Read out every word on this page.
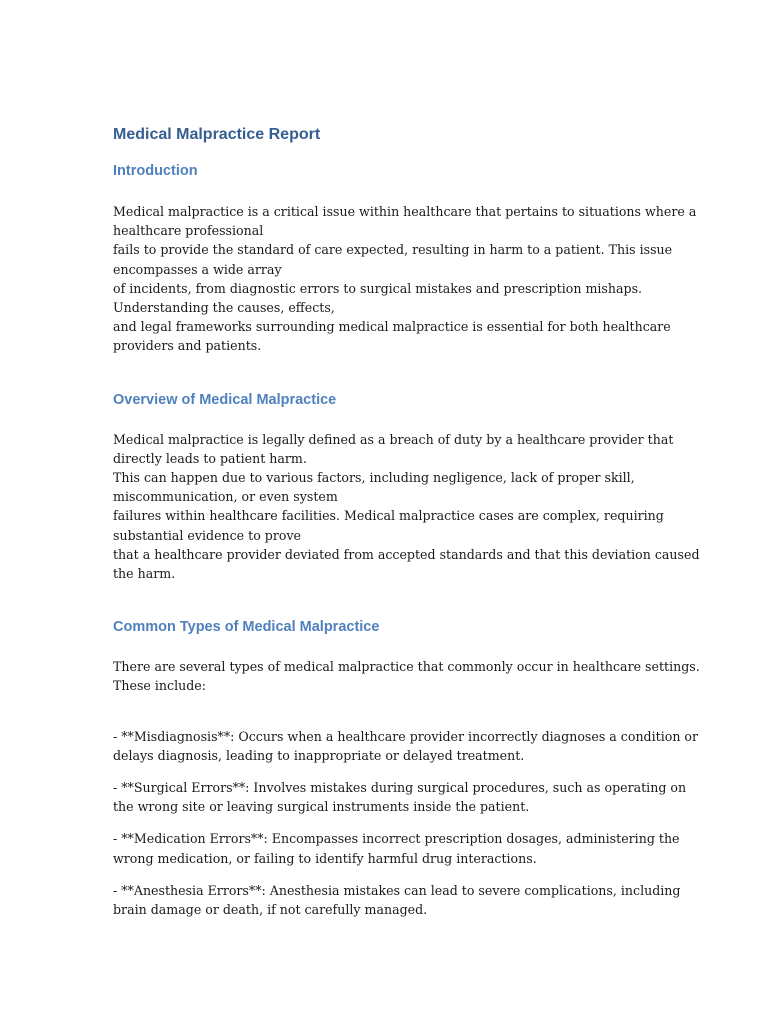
Medical Malpractice Report
Introduction

Medical malpractice is a critical issue within healthcare that pertains to situations where a
healthcare professional
fails to provide the standard of care expected, resulting in harm to a patient. This issue
encompasses a wide array
of incidents, from diagnostic errors to surgical mistakes and prescription mishaps.
Understanding the causes, effects,
and legal frameworks surrounding medical malpractice is essential for both healthcare
providers and patients.

Overview of Medical Malpractice

Medical malpractice is legally defined as a breach of duty by a healthcare provider that
directly leads to patient harm.
This can happen due to various factors, including negligence, lack of proper skill,
miscommunication, or even system
failures within healthcare facilities. Medical malpractice cases are complex, requiring
substantial evidence to prove
that a healthcare provider deviated from accepted standards and that this deviation caused
the harm.

Common Types of Medical Malpractice

There are several types of medical malpractice that commonly occur in healthcare settings.
These include:

- **Misdiagnosis**: Occurs when a healthcare provider incorrectly diagnoses a condition or
delays diagnosis, leading to inappropriate or delayed treatment.

- **Surgical Errors**: Involves mistakes during surgical procedures, such as operating on
the wrong site or leaving surgical instruments inside the patient.

- **Medication Errors**: Encompasses incorrect prescription dosages, administering the
wrong medication, or failing to identify harmful drug interactions.

- **Anesthesia Errors**: Anesthesia mistakes can lead to severe complications, including
brain damage or death, if not carefully managed.
